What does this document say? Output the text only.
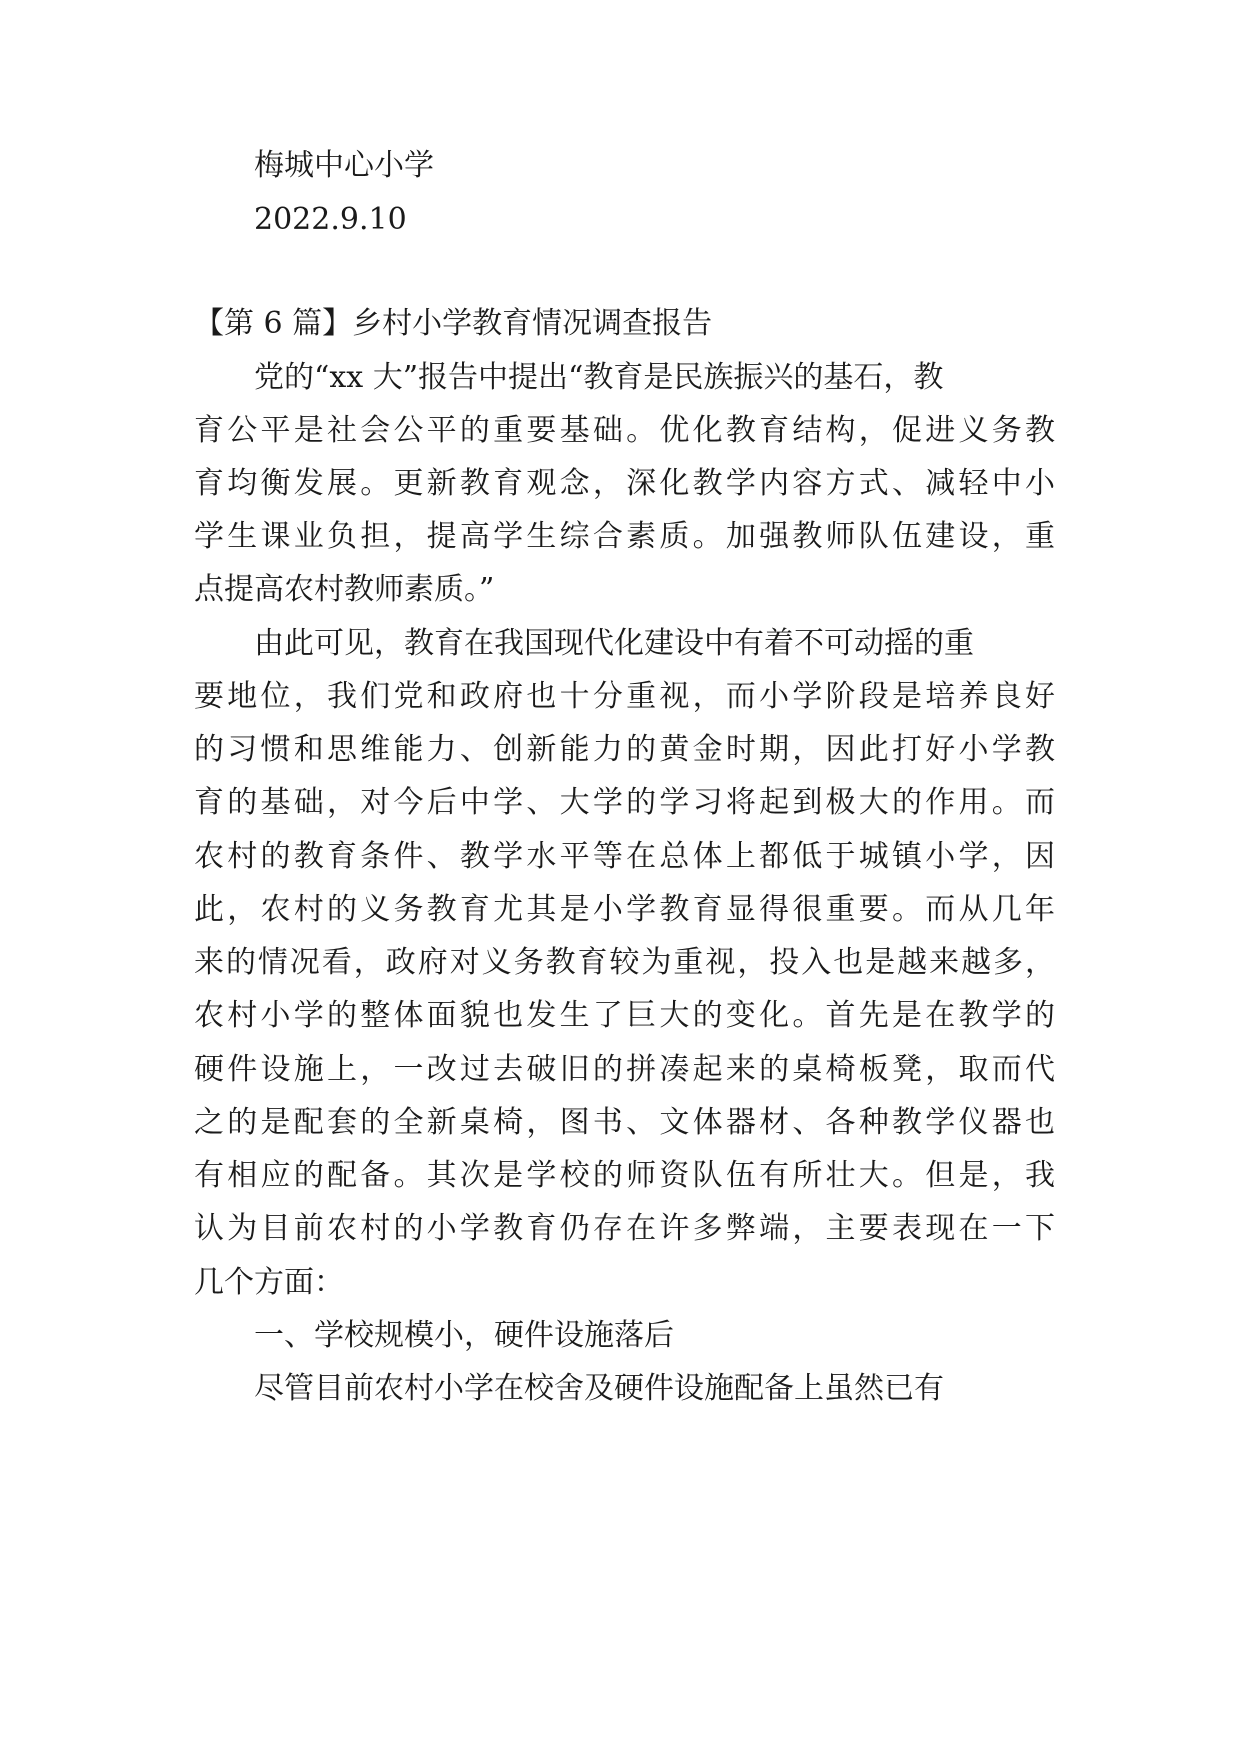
梅城中心小学
2022.9.10
【第 6 篇】乡村小学教育情况调查报告
党的“xx 大”报告中提出“教育是民族振兴的基石，教
育公平是社会公平的重要基础。优化教育结构，促进义务教
育均衡发展。更新教育观念，深化教学内容方式、减轻中小
学生课业负担，提高学生综合素质。加强教师队伍建设，重
点提高农村教师素质。”
由此可见，教育在我国现代化建设中有着不可动摇的重
要地位，我们党和政府也十分重视，而小学阶段是培养良好
的习惯和思维能力、创新能力的黄金时期，因此打好小学教
育的基础，对今后中学、大学的学习将起到极大的作用。而
农村的教育条件、教学水平等在总体上都低于城镇小学，因
此，农村的义务教育尤其是小学教育显得很重要。而从几年
来的情况看，政府对义务教育较为重视，投入也是越来越多，
农村小学的整体面貌也发生了巨大的变化。首先是在教学的
硬件设施上，一改过去破旧的拼凑起来的桌椅板凳，取而代
之的是配套的全新桌椅，图书、文体器材、各种教学仪器也
有相应的配备。其次是学校的师资队伍有所壮大。但是，我
认为目前农村的小学教育仍存在许多弊端，主要表现在一下
几个方面：
一、学校规模小，硬件设施落后
尽管目前农村小学在校舍及硬件设施配备上虽然已有
